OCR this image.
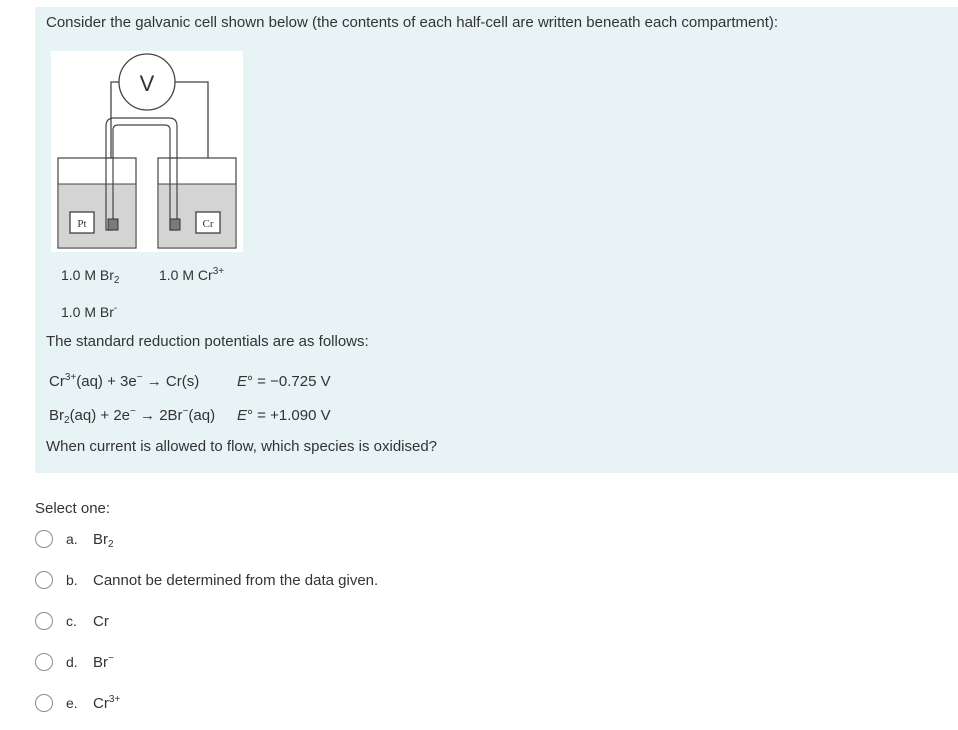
Consider the galvanic cell shown below (the contents of each half-cell are written beneath each compartment):
V
Pt	Cr
1.0 M $Br_2$	1.0 M $Cr^{3+}$
1.0 M Br-
The standard reduction potentials are as follows:
$Cr^{3+}(aq) + 3e^- \to Cr(s)$	E° = −0.725 V
$Br_2(aq) + 2e^- \to 2Br^-(aq) E^\circ = +1.090$ V
When current is allowed to flow, which species is oxidised?
Select one:
a. $Br_2$
b. Cannot be determined from the data given.
c. Cr
d. Br−
e. $Cr^{3+}$
